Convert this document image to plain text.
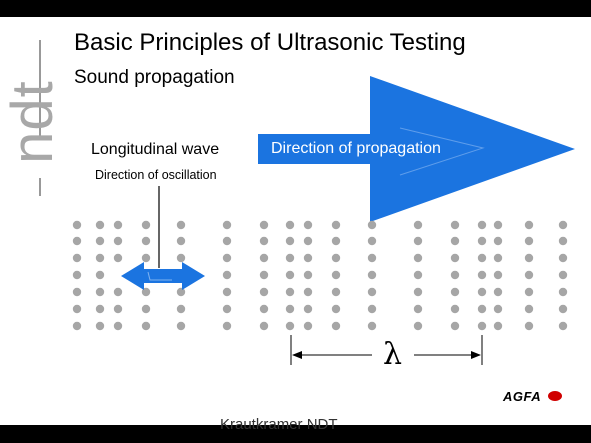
ndt
Basic Principles of Ultrasonic Testing
Sound propagation
Longitudinal wave
Direction of oscillation
Direction of propagation
λ
AGFA
Krautkramer NDT
